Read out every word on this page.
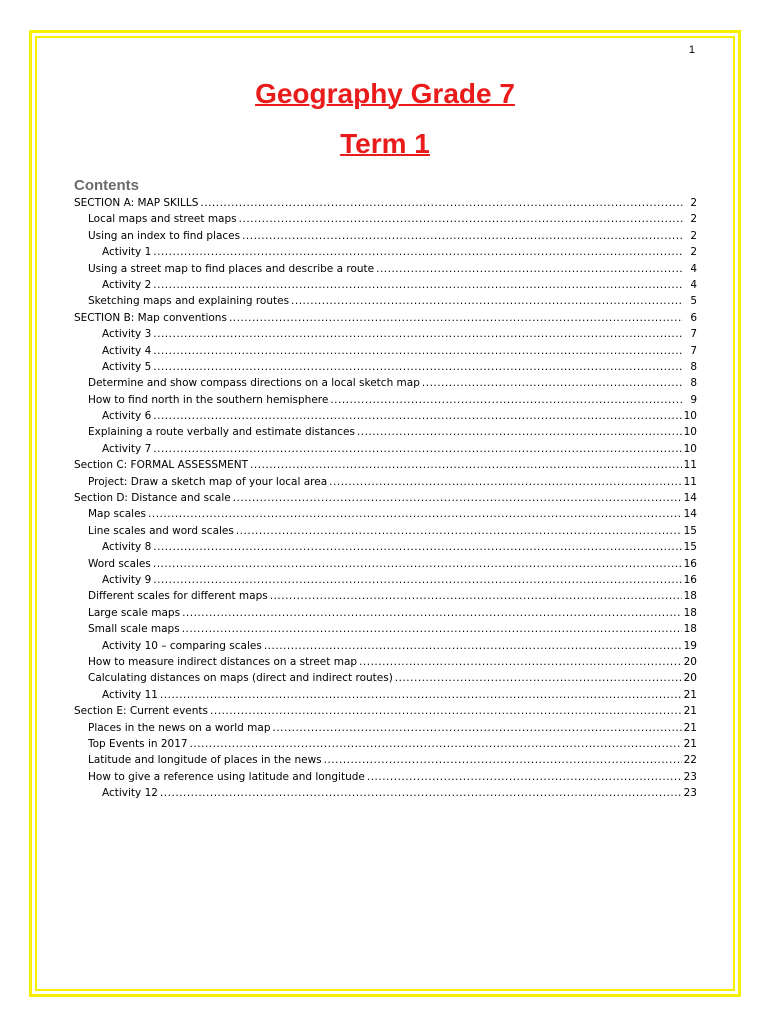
1
Geography Grade 7
Term 1
Contents
SECTION A: MAP SKILLS .....	2
Local maps and street maps .....	2
Using an index to find places .....	2
Activity 1 .....	2
Using a street map to find places and describe a route .....	4
Activity 2 .....	4
Sketching maps and explaining routes .....	5
SECTION B: Map conventions .....	6
Activity 3 .....	7
Activity 4 .....	7
Activity 5 .....	8
Determine and show compass directions on a local sketch map .....	8
How to find north in the southern hemisphere .....	9
Activity 6 .....	10
Explaining a route verbally and estimate distances .....	10
Activity 7 .....	10
Section C: FORMAL ASSESSMENT .....	11
Project: Draw a sketch map of your local area .....	11
Section D: Distance and scale .....	14
Map scales .....	14
Line scales and word scales .....	15
Activity 8 .....	15
Word scales .....	16
Activity 9 .....	16
Different scales for different maps .....	18
Large scale maps .....	18
Small scale maps .....	18
Activity 10 – comparing scales .....	19
How to measure indirect distances on a street map .....	20
Calculating distances on maps (direct and indirect routes) .....	20
Activity 11 .....	21
Section E: Current events .....	21
Places in the news on a world map .....	21
Top Events in 2017 .....	21
Latitude and longitude of places in the news .....	22
How to give a reference using latitude and longitude .....	23
Activity 12 .....	23
